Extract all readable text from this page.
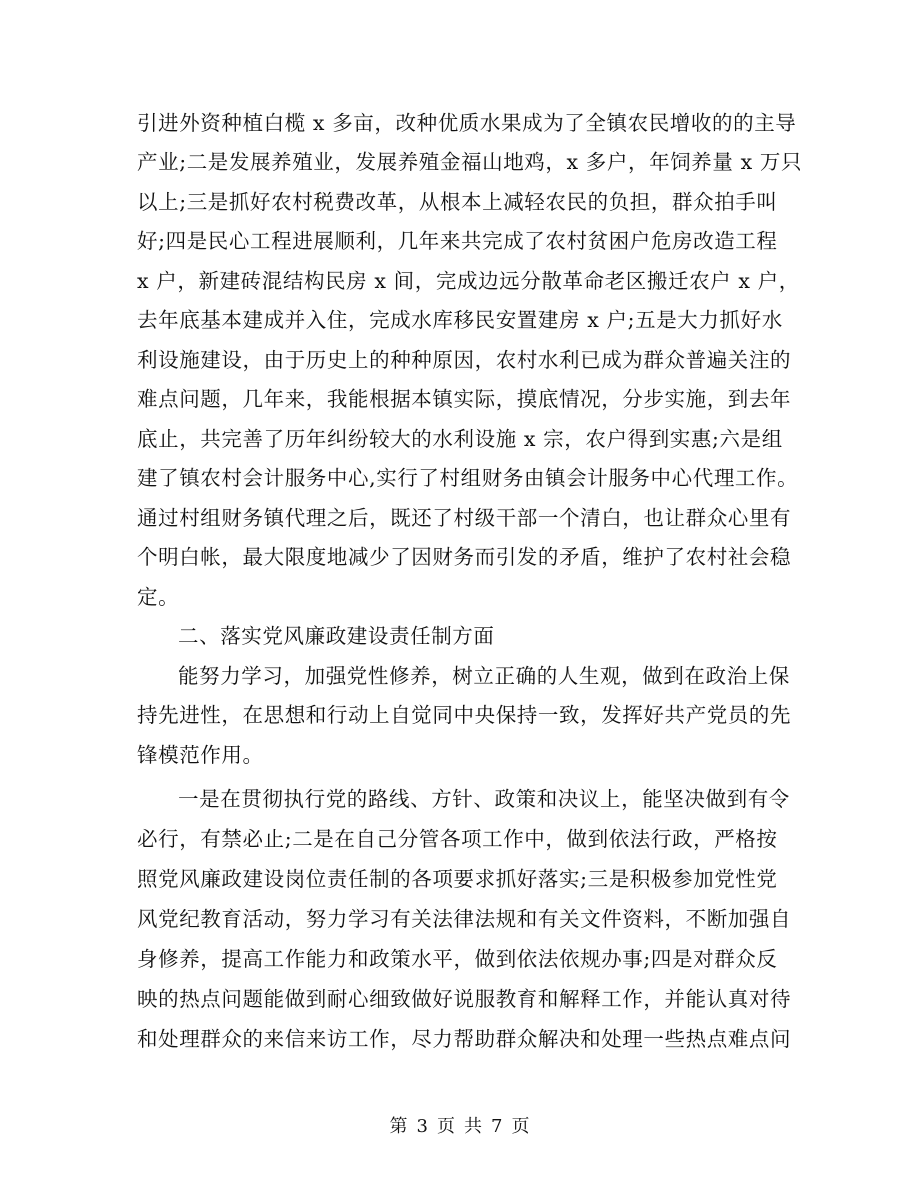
引进外资种植白榄 x 多亩，改种优质水果成为了全镇农民增收的的主导
产业;二是发展养殖业，发展养殖金福山地鸡，x 多户，年饲养量 x 万只
以上;三是抓好农村税费改革，从根本上减轻农民的负担，群众拍手叫
好;四是民心工程进展顺利，几年来共完成了农村贫困户危房改造工程
x 户，新建砖混结构民房 x 间，完成边远分散革命老区搬迁农户 x 户，
去年底基本建成并入住，完成水库移民安置建房 x 户;五是大力抓好水
利设施建设，由于历史上的种种原因，农村水利已成为群众普遍关注的
难点问题，几年来，我能根据本镇实际，摸底情况，分步实施，到去年
底止，共完善了历年纠纷较大的水利设施 x 宗，农户得到实惠;六是组
建了镇农村会计服务中心,实行了村组财务由镇会计服务中心代理工作。
通过村组财务镇代理之后，既还了村级干部一个清白，也让群众心里有
个明白帐，最大限度地减少了因财务而引发的矛盾，维护了农村社会稳
定。
二、落实党风廉政建设责任制方面
能努力学习，加强党性修养，树立正确的人生观，做到在政治上保
持先进性，在思想和行动上自觉同中央保持一致，发挥好共产党员的先
锋模范作用。
一是在贯彻执行党的路线、方针、政策和决议上，能坚决做到有令
必行，有禁必止;二是在自己分管各项工作中，做到依法行政，严格按
照党风廉政建设岗位责任制的各项要求抓好落实;三是积极参加党性党
风党纪教育活动，努力学习有关法律法规和有关文件资料，不断加强自
身修养，提高工作能力和政策水平，做到依法依规办事;四是对群众反
映的热点问题能做到耐心细致做好说服教育和解释工作，并能认真对待
和处理群众的来信来访工作，尽力帮助群众解决和处理一些热点难点问
第 3 页 共 7 页
